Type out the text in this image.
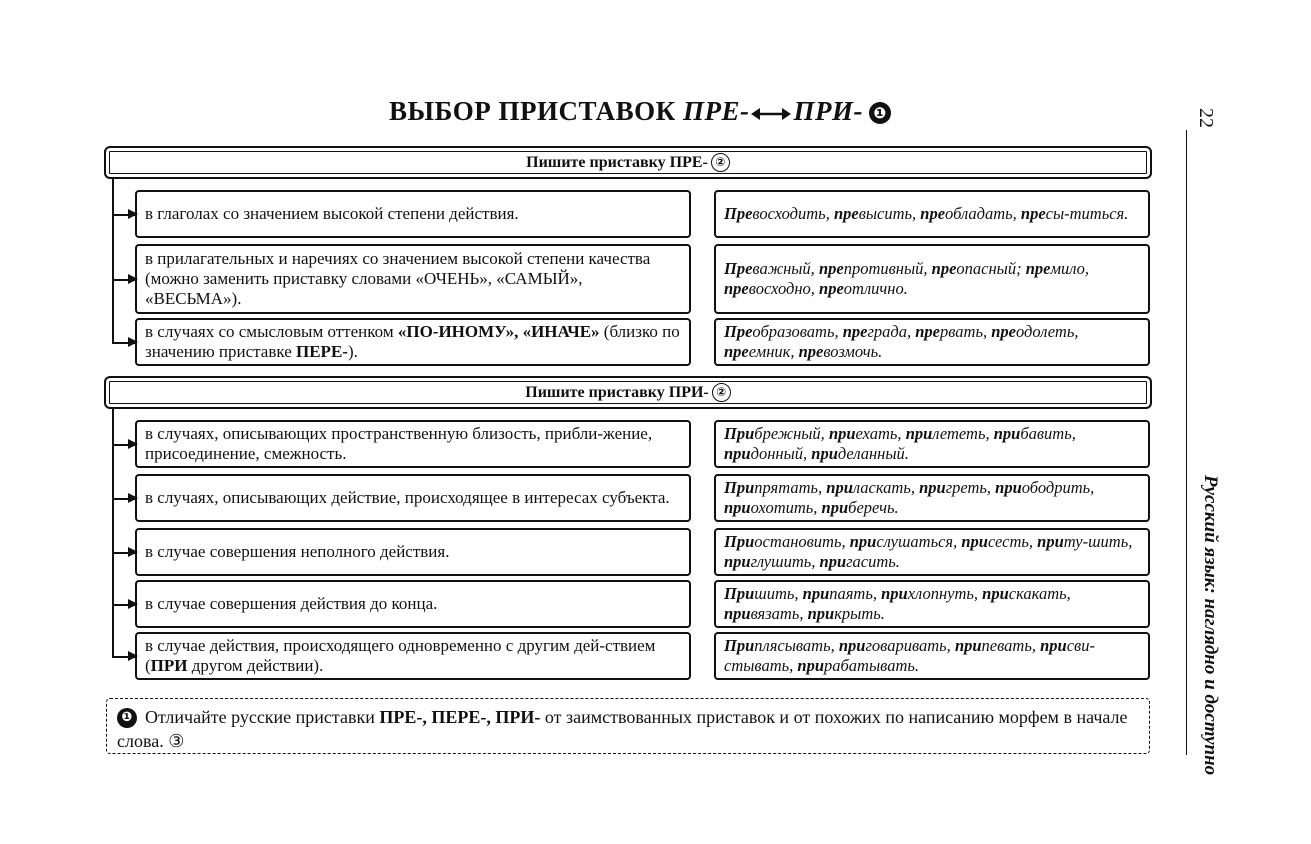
ВЫБОР ПРИСТАВОК ПРЕ- ПРИ- ❶	22
Русский язык: наглядно и доступно
Пишите приставку ПРЕ- ②
в глаголах со значением высокой степени действия.	Превосходить, превысить, преобладать, пресы-титься.
в прилагательных и наречиях со значением высокой степени качества (можно заменить приставку словами «ОЧЕНЬ», «САМЫЙ», «ВЕСЬМА»).
Преважный, препротивный, преопасный; премило, превосходно, преотлично.
в случаях со смысловым оттенком «ПО-ИНОМУ», «ИНАЧЕ» (близко по значению приставке ПЕРЕ-).
Преобразовать, преграда, прервать, преодолеть, преемник, превозмочь.
Пишите приставку ПРИ- ②
в случаях, описывающих пространственную близость, прибли-жение, присоединение, смежность.
Прибрежный, приехать, прилететь, прибавить, придонный, приделанный.
в случаях, описывающих действие, происходящее в интересах субъекта.
Припрятать, приласкать, пригреть, приободрить, приохотить, приберечь.
в случае совершения неполного действия.
Приостановить, прислушаться, присесть, приту-шить, приглушить, пригасить.
в случае совершения действия до конца.
Пришить, припаять, прихлопнуть, прискакать, привязать, прикрыть.
в случае действия, происходящего одновременно с другим дей-ствием (ПРИ другом действии).
Приплясывать, приговаривать, припевать, присви-стывать, прирабатывать.
❶ Отличайте русские приставки ПРЕ-, ПЕРЕ-, ПРИ- от заимствованных приставок и от похожих по написанию морфем в начале слова. ③
